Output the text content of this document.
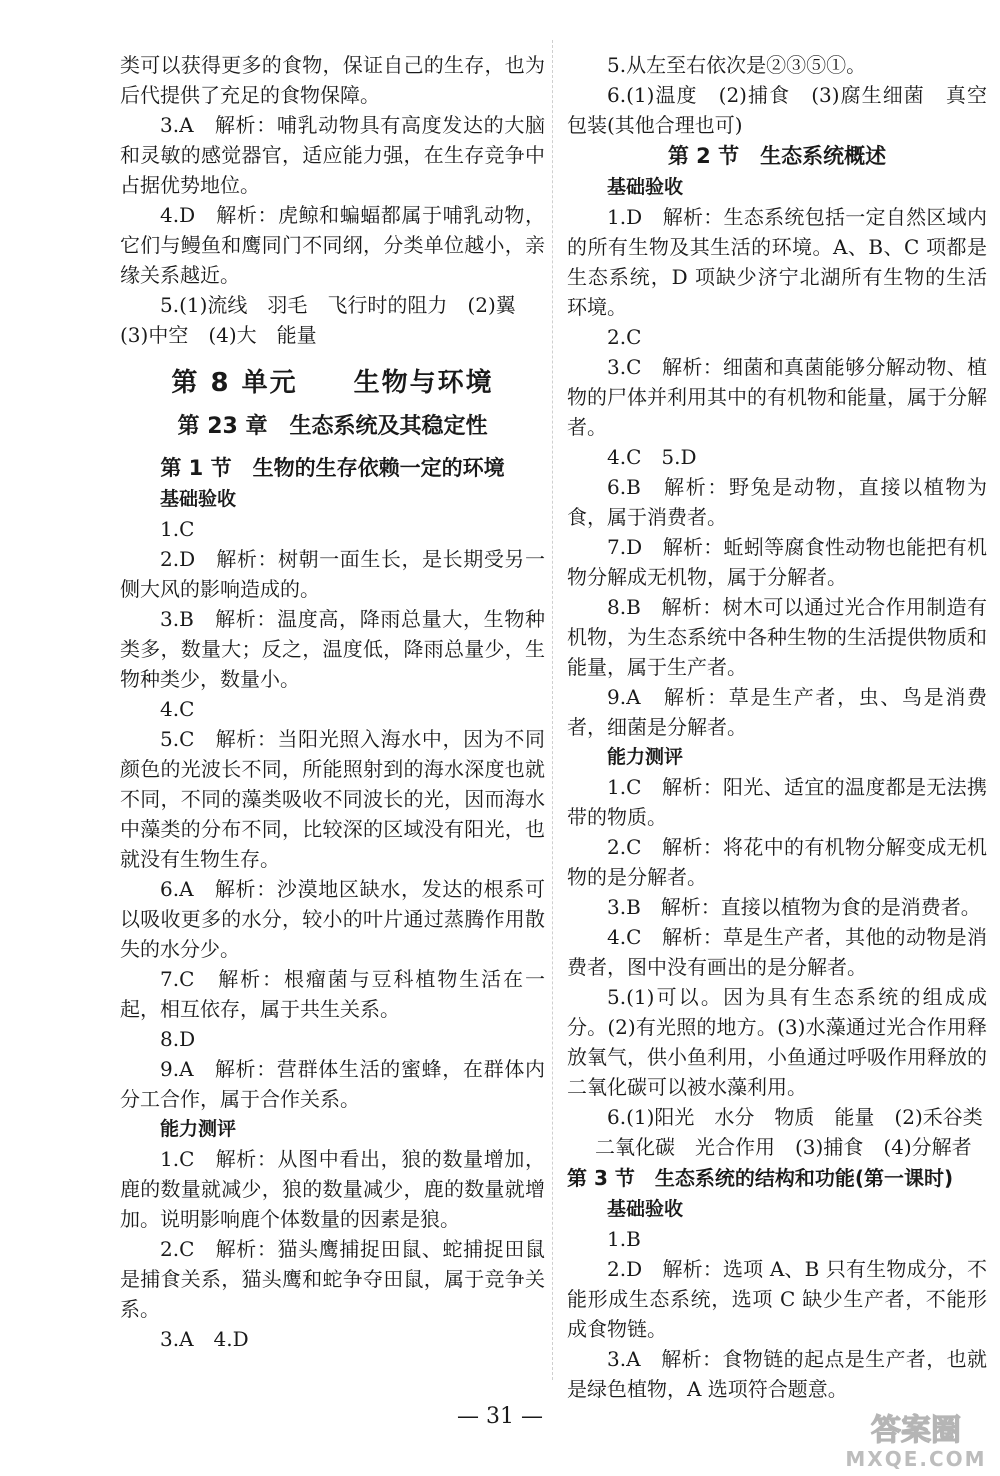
类可以获得更多的食物，保证自己的生存，也为后代提供了充足的食物保障。

3.A　解析：哺乳动物具有高度发达的大脑和灵敏的感觉器官，适应能力强，在生存竞争中占据优势地位。

4.D　解析：虎鲸和蝙蝠都属于哺乳动物，它们与鳗鱼和鹰同门不同纲，分类单位越小，亲缘关系越近。

5.(1)流线　羽毛　飞行时的阻力　(2)翼

(3)中空　(4)大　能量

第 8 单元　　生物与环境

第 23 章　生态系统及其稳定性

第 1 节　生物的生存依赖一定的环境

基础验收

1.C

2.D　解析：树朝一面生长，是长期受另一侧大风的影响造成的。

3.B　解析：温度高，降雨总量大，生物种类多，数量大；反之，温度低，降雨总量少，生物种类少，数量小。

4.C

5.C　解析：当阳光照入海水中，因为不同颜色的光波长不同，所能照射到的海水深度也就不同，不同的藻类吸收不同波长的光，因而海水中藻类的分布不同，比较深的区域没有阳光，也就没有生物生存。

6.A　解析：沙漠地区缺水，发达的根系可以吸收更多的水分，较小的叶片通过蒸腾作用散失的水分少。

7.C　解析：根瘤菌与豆科植物生活在一起，相互依存，属于共生关系。

8.D

9.A　解析：营群体生活的蜜蜂，在群体内分工合作，属于合作关系。

能力测评

1.C　解析：从图中看出，狼的数量增加，鹿的数量就减少，狼的数量减少，鹿的数量就增加。说明影响鹿个体数量的因素是狼。

2.C　解析：猫头鹰捕捉田鼠、蛇捕捉田鼠是捕食关系，猫头鹰和蛇争夺田鼠，属于竞争关系。

3.A　4.D

5.从左至右依次是②③⑤①。

6.(1)温度　(2)捕食　(3)腐生细菌　真空包装(其他合理也可)

第 2 节　生态系统概述

基础验收

1.D　解析：生态系统包括一定自然区域内的所有生物及其生活的环境。A、B、C 项都是生态系统，D 项缺少济宁北湖所有生物的生活环境。

2.C

3.C　解析：细菌和真菌能够分解动物、植物的尸体并利用其中的有机物和能量，属于分解者。

4.C　5.D

6.B　解析：野兔是动物，直接以植物为食，属于消费者。

7.D　解析：蚯蚓等腐食性动物也能把有机物分解成无机物，属于分解者。

8.B　解析：树木可以通过光合作用制造有机物，为生态系统中各种生物的生活提供物质和能量，属于生产者。

9.A　解析：草是生产者，虫、鸟是消费者，细菌是分解者。

能力测评

1.C　解析：阳光、适宜的温度都是无法携带的物质。

2.C　解析：将花中的有机物分解变成无机物的是分解者。

3.B　解析：直接以植物为食的是消费者。

4.C　解析：草是生产者，其他的动物是消费者，图中没有画出的是分解者。

5.(1)可以。因为具有生态系统的组成成分。(2)有光照的地方。(3)水藻通过光合作用释放氧气，供小鱼利用，小鱼通过呼吸作用释放的二氧化碳可以被水藻利用。

6.(1)阳光　水分　物质　能量　(2)禾谷类

二氧化碳　光合作用　(3)捕食　(4)分解者

第 3 节　生态系统的结构和功能(第一课时)

基础验收

1.B

2.D　解析：选项 A、B 只有生物成分，不能形成生态系统，选项 C 缺少生产者，不能形成食物链。

3.A　解析：食物链的起点是生产者，也就是绿色植物，A 选项符合题意。

— 31 —	答案圈
MXQE.COM
